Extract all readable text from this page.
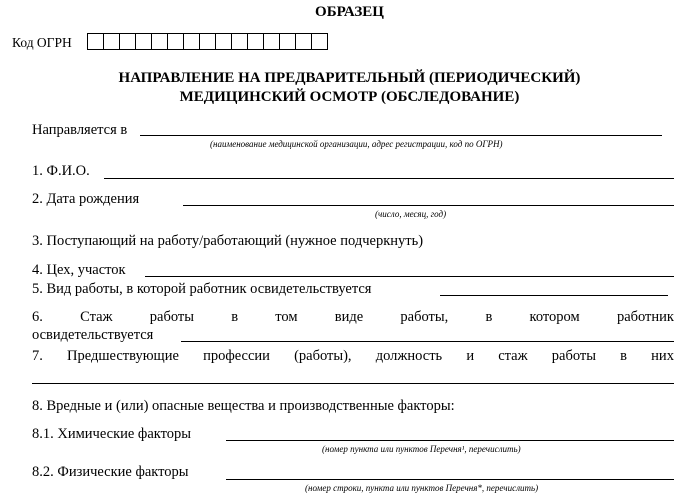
ОБРАЗЕЦ
Код ОГРН
НАПРАВЛЕНИЕ НА ПРЕДВАРИТЕЛЬНЫЙ (ПЕРИОДИЧЕСКИЙ)
МЕДИЦИНСКИЙ ОСМОТР (ОБСЛЕДОВАНИЕ)
Направляется в
(наименование медицинской организации, адрес регистрации, код по ОГРН)
1. Ф.И.О.
2. Дата рождения
(число, месяц, год)
3. Поступающий на работу/работающий (нужное подчеркнуть)
4. Цех, участок
5. Вид работы, в которой работник освидетельствуется
6.	Стаж	работы	в	том	виде	работы,	в	котором	работник
освидетельствуется
7. Предшествующие профессии (работы), должность и стаж работы в них
8. Вредные и (или) опасные вещества и производственные факторы:
8.1. Химические факторы
(номер пункта или пунктов Перечня¹, перечислить)
8.2. Физические факторы
(номер строки, пункта или пунктов Перечня*, перечислить)
